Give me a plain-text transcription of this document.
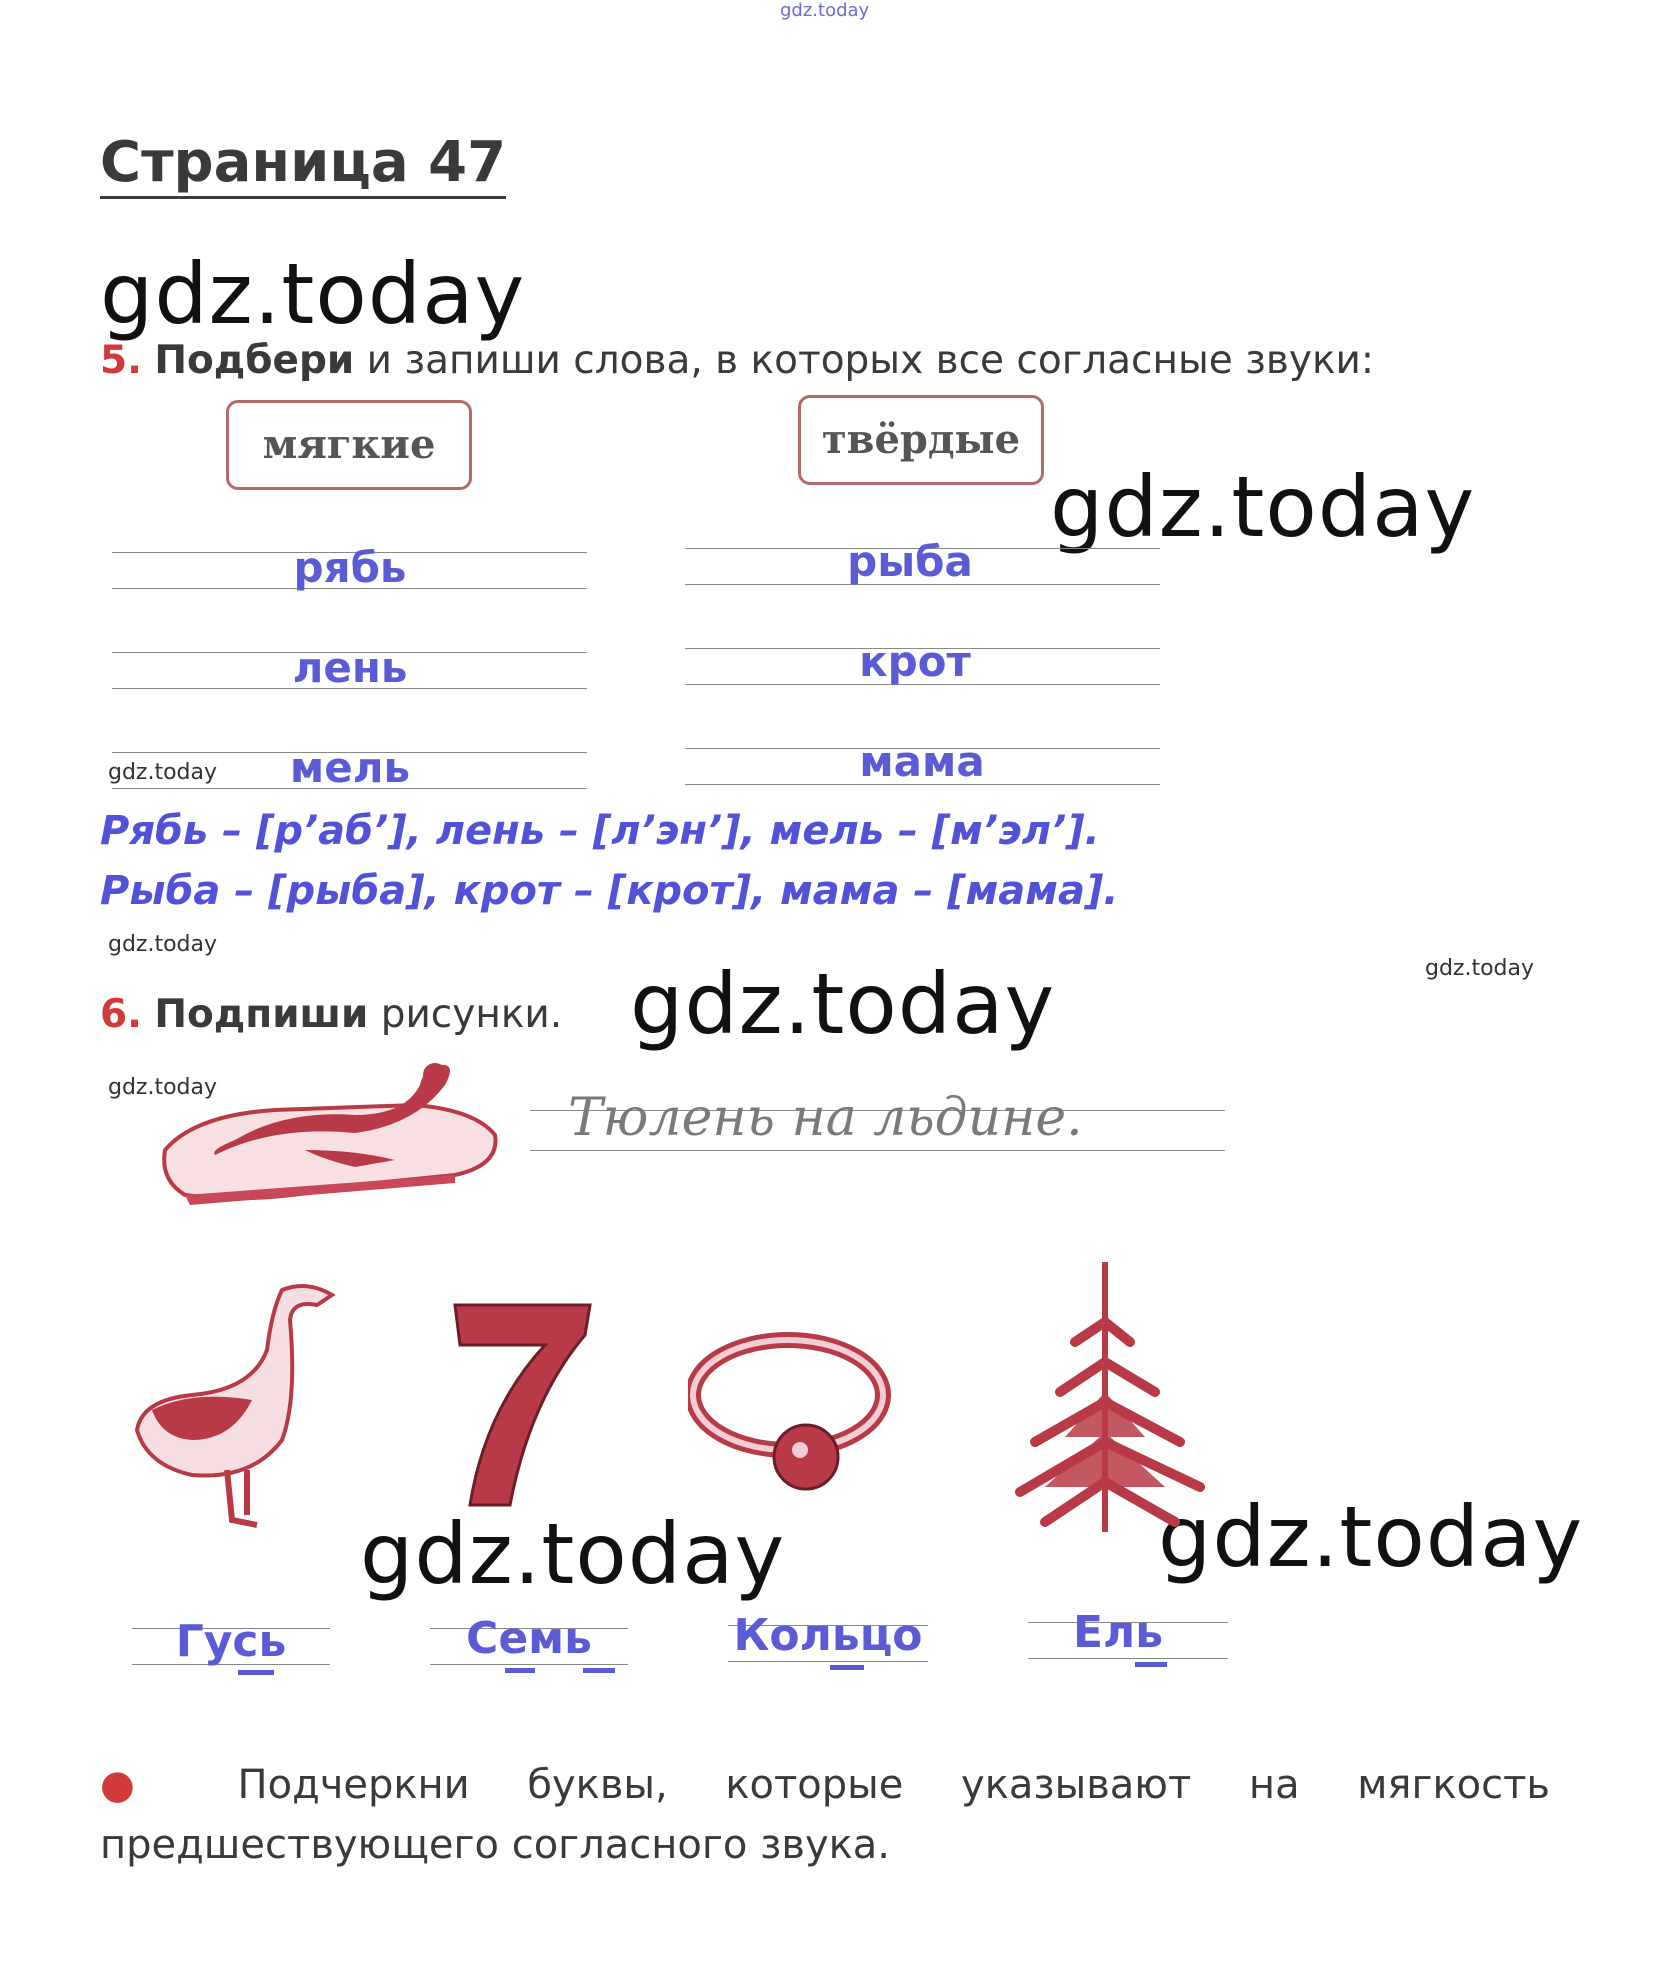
gdz.today
Страница 47
gdz.today
gdz.today
gdz.today
gdz.today	gdz.today
gdz.today
gdz.today
gdz.today
gdz.today
5. Подбери и запиши слова, в которых все согласные звуки:
мягкие	твёрдые
рябь
лень
мель
рыба
крот
мама
Рябь – [р’аб’], лень – [л’эн’], мель – [м’эл’].
Рыба – [рыба], крот – [крот], мама – [мама].
6. Подпиши рисунки.
Тюлень на льдине.
Гусь	Семь	Кольцо	Ель
● Подчеркни буквы, которые указывают на мягкость предшествующего согласного звука.
